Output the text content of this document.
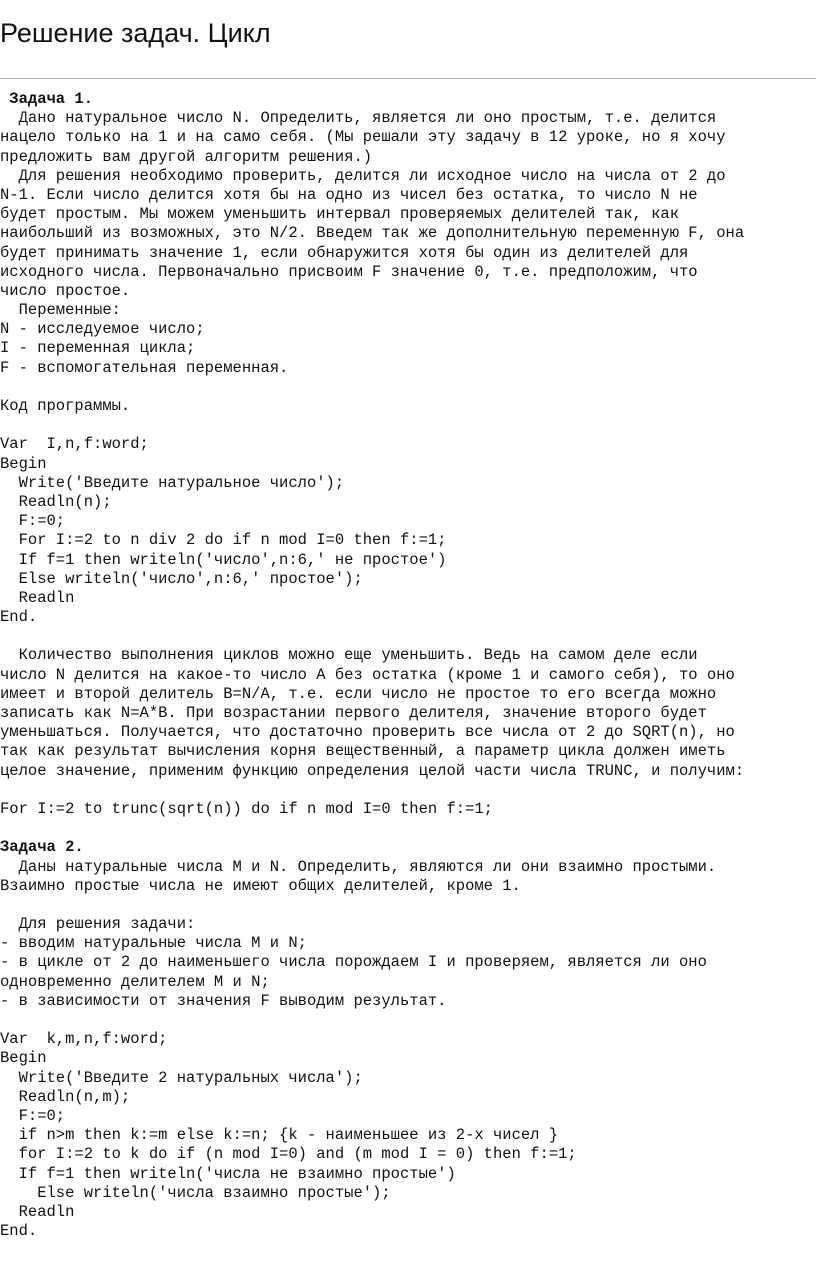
Решение задач. Цикл
Задача 1.
Дано натуральное число N. Определить, является ли оно простым, т.е. делится
нацело только на 1 и на само себя. (Мы решали эту задачу в 12 уроке, но я хочу
предложить вам другой алгоритм решения.)
Для решения необходимо проверить, делится ли исходное число на числа от 2 до
N-1. Если число делится хотя бы на одно из чисел без остатка, то число N не
будет простым. Мы можем уменьшить интервал проверяемых делителей так, как
наибольший из возможных, это N/2. Введем так же дополнительную переменную F, она
будет принимать значение 1, если обнаружится хотя бы один из делителей для
исходного числа. Первоначально присвоим F значение 0, т.е. предположим, что
число простое.
Переменные:
N - исследуемое число;
I - переменная цикла;
F - вспомогательная переменная.
Код программы.
Var  I,n,f:word;
Begin
Write('Введите натуральное число');
Readln(n);
F:=0;
For I:=2 to n div 2 do if n mod I=0 then f:=1;
If f=1 then writeln('число',n:6,' не простое')
Else writeln('число',n:6,' простое');
Readln
End.
Количество выполнения циклов можно еще уменьшить. Ведь на самом деле если
число N делится на какое-то число A без остатка (кроме 1 и самого себя), то оно
имеет и второй делитель B=N/A, т.е. если число не простое то его всегда можно
записать как N=A*B. При возрастании первого делителя, значение второго будет
уменьшаться. Получается, что достаточно проверить все числа от 2 до SQRT(n), но
так как результат вычисления корня вещественный, а параметр цикла должен иметь
целое значение, применим функцию определения целой части числа TRUNC, и получим:
For I:=2 to trunc(sqrt(n)) do if n mod I=0 then f:=1;
Задача 2.
Даны натуральные числа M и N. Определить, являются ли они взаимно простыми.
Взаимно простые числа не имеют общих делителей, кроме 1.
Для решения задачи:
- вводим натуральные числа M и N;
- в цикле от 2 до наименьшего числа порождаем I и проверяем, является ли оно
одновременно делителем M и N;
- в зависимости от значения F выводим результат.
Var  k,m,n,f:word;
Begin
Write('Введите 2 натуральных числа');
Readln(n,m);
F:=0;
if n>m then k:=m else k:=n; {k - наименьшее из 2-х чисел }
for I:=2 to k do if (n mod I=0) and (m mod I = 0) then f:=1;
If f=1 then writeln('числа не взаимно простые')
Else writeln('числа взаимно простые');
Readln
End.
